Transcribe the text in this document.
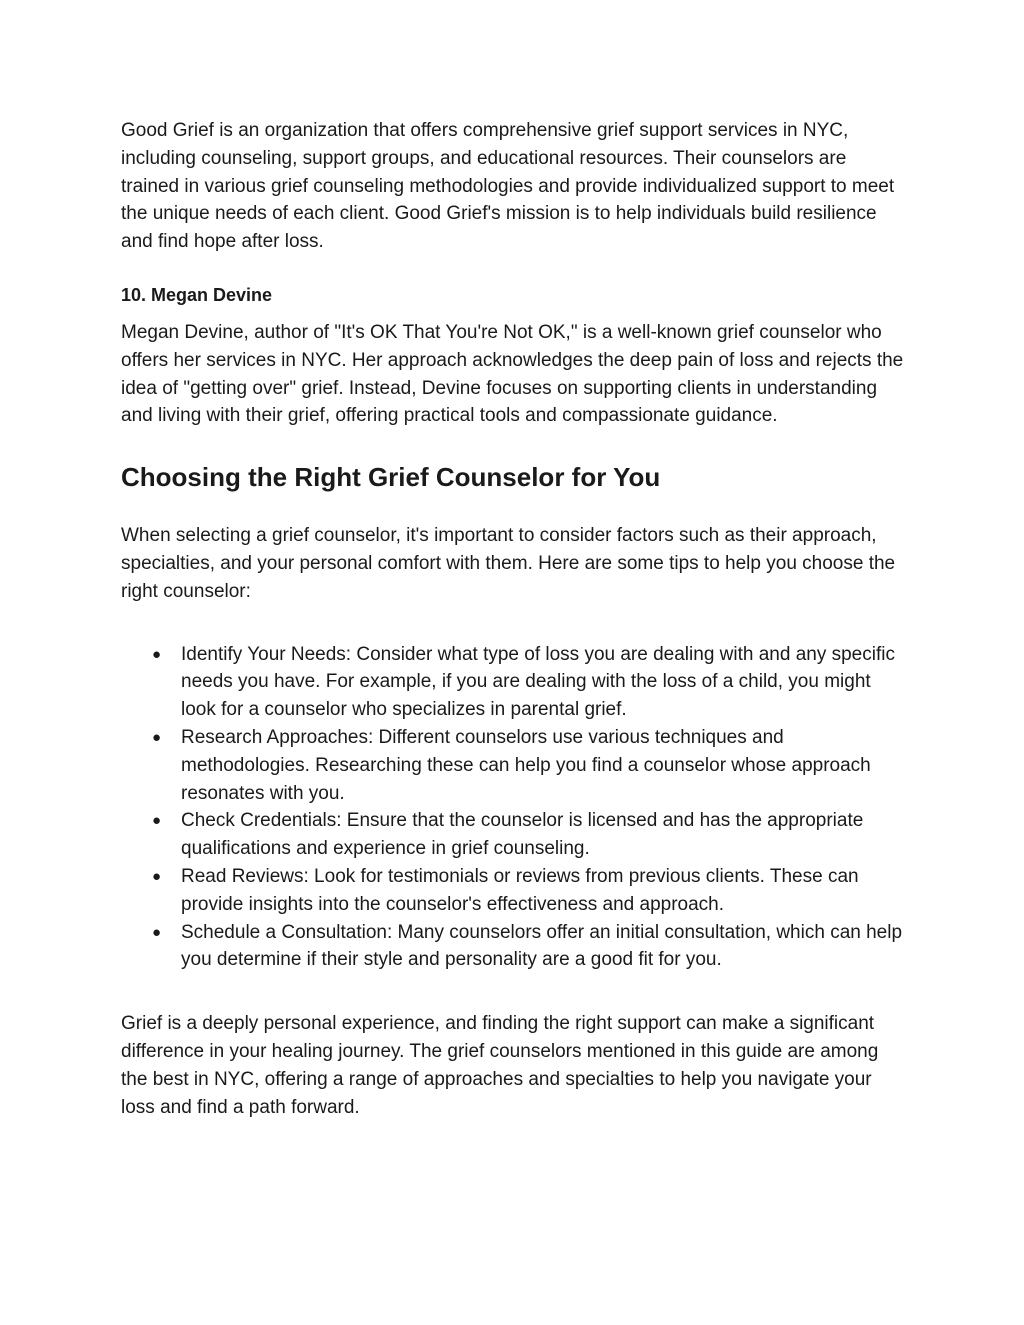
Good Grief is an organization that offers comprehensive grief support services in NYC, including counseling, support groups, and educational resources. Their counselors are trained in various grief counseling methodologies and provide individualized support to meet the unique needs of each client. Good Grief's mission is to help individuals build resilience and find hope after loss.

10. Megan Devine

Megan Devine, author of "It's OK That You're Not OK," is a well-known grief counselor who offers her services in NYC. Her approach acknowledges the deep pain of loss and rejects the idea of "getting over" grief. Instead, Devine focuses on supporting clients in understanding and living with their grief, offering practical tools and compassionate guidance.

Choosing the Right Grief Counselor for You

When selecting a grief counselor, it's important to consider factors such as their approach, specialties, and your personal comfort with them. Here are some tips to help you choose the right counselor:

● Identify Your Needs: Consider what type of loss you are dealing with and any specific needs you have. For example, if you are dealing with the loss of a child, you might look for a counselor who specializes in parental grief.
● Research Approaches: Different counselors use various techniques and methodologies. Researching these can help you find a counselor whose approach resonates with you.
● Check Credentials: Ensure that the counselor is licensed and has the appropriate qualifications and experience in grief counseling.
● Read Reviews: Look for testimonials or reviews from previous clients. These can provide insights into the counselor's effectiveness and approach.
● Schedule a Consultation: Many counselors offer an initial consultation, which can help you determine if their style and personality are a good fit for you.

Grief is a deeply personal experience, and finding the right support can make a significant difference in your healing journey. The grief counselors mentioned in this guide are among the best in NYC, offering a range of approaches and specialties to help you navigate your loss and find a path forward.
